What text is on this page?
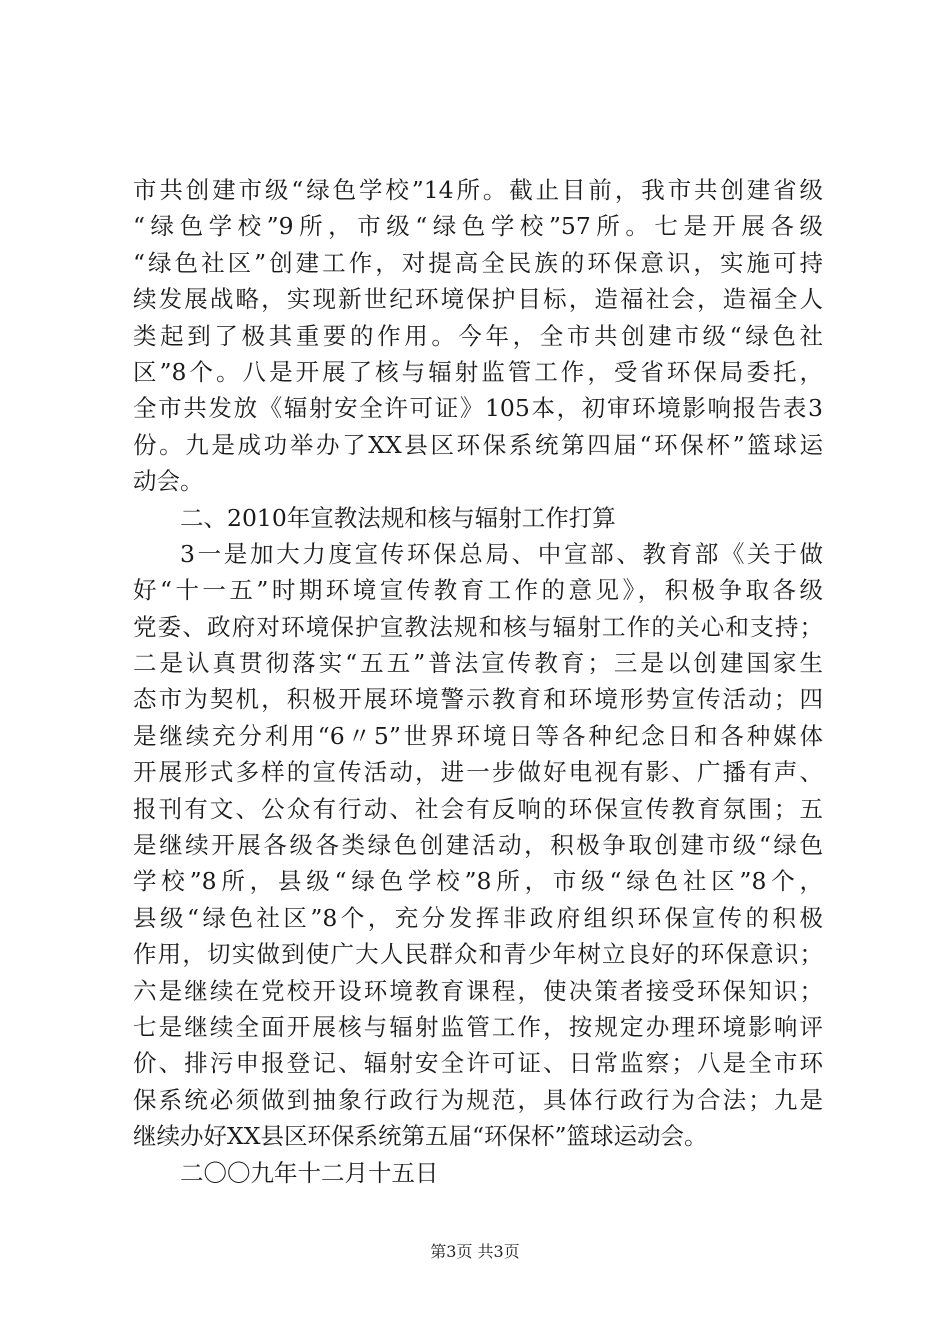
市共创建市级“绿色学校”14所。截止目前，我市共创建省级
“绿色学校”9所，市级“绿色学校”57所。七是开展各级
“绿色社区”创建工作，对提高全民族的环保意识，实施可持
续发展战略，实现新世纪环境保护目标，造福社会，造福全人
类起到了极其重要的作用。今年，全市共创建市级“绿色社
区”8个。八是开展了核与辐射监管工作，受省环保局委托，
全市共发放《辐射安全许可证》105本，初审环境影响报告表3
份。九是成功举办了XX县区环保系统第四届“环保杯”篮球运
动会。
二、2010年宣教法规和核与辐射工作打算
3一是加大力度宣传环保总局、中宣部、教育部《关于做
好“十一五”时期环境宣传教育工作的意见》，积极争取各级
党委、政府对环境保护宣教法规和核与辐射工作的关心和支持；
二是认真贯彻落实“五五”普法宣传教育；三是以创建国家生
态市为契机，积极开展环境警示教育和环境形势宣传活动；四
是继续充分利用“6〃5”世界环境日等各种纪念日和各种媒体
开展形式多样的宣传活动，进一步做好电视有影、广播有声、
报刊有文、公众有行动、社会有反响的环保宣传教育氛围；五
是继续开展各级各类绿色创建活动，积极争取创建市级“绿色
学校”8所，县级“绿色学校”8所，市级“绿色社区”8个，
县级“绿色社区”8个，充分发挥非政府组织环保宣传的积极
作用，切实做到使广大人民群众和青少年树立良好的环保意识；
六是继续在党校开设环境教育课程，使决策者接受环保知识；
七是继续全面开展核与辐射监管工作，按规定办理环境影响评
价、排污申报登记、辐射安全许可证、日常监察；八是全市环
保系统必须做到抽象行政行为规范，具体行政行为合法；九是
继续办好XX县区环保系统第五届“环保杯”篮球运动会。
二〇〇九年十二月十五日
第3页 共3页
